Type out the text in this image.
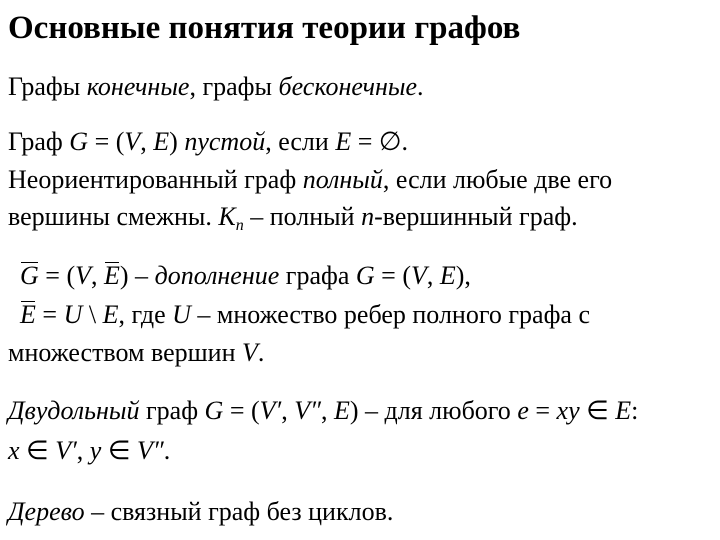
Основные понятия теории графов
Графы конечные, графы бесконечные.
Граф G = (V, E) пустой, если E = ∅.
Неориентированный граф полный, если любые две его
вершины смежны. $K_n$ – полный n-вершинный граф.
G = (V, E) – дополнение графа G = (V, E),
E = U \ E, где U – множество ребер полного графа с
множеством вершин V.
Двудольный граф G = (V′, V″, E) – для любого e = xy ∈ E:
x ∈ V′, y ∈ V″.
Дерево – связный граф без циклов.
